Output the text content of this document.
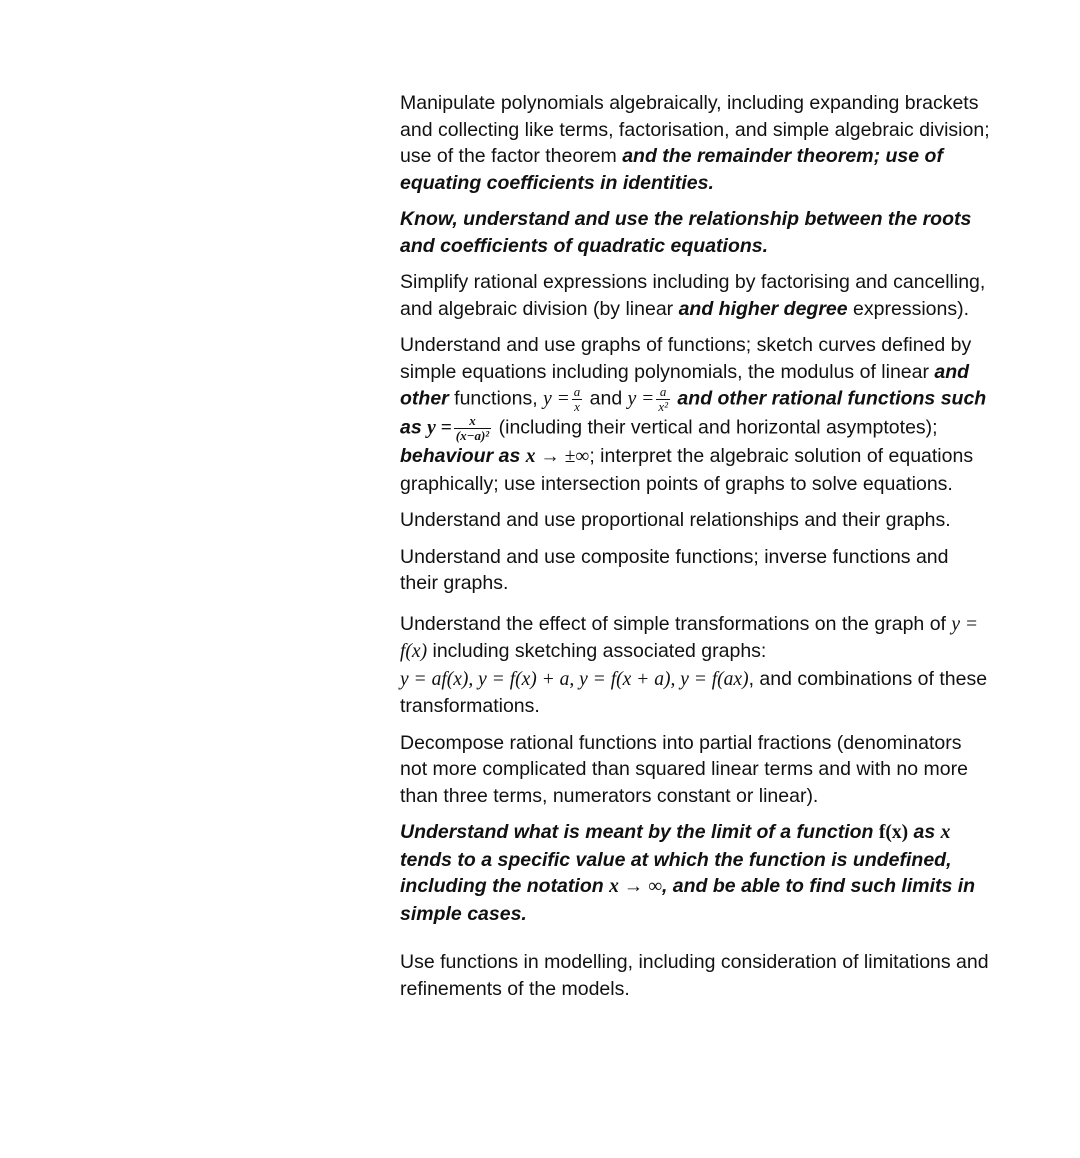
Manipulate polynomials algebraically, including expanding brackets and collecting like terms, factorisation, and simple algebraic division; use of the factor theorem and the remainder theorem; use of equating coefficients in identities.

Know, understand and use the relationship between the roots and coefficients of quadratic equations.

Simplify rational expressions including by factorising and cancelling, and algebraic division (by linear and higher degree expressions).

Understand and use graphs of functions; sketch curves defined by simple equations including polynomials, the modulus of linear and other functions, $y = \frac{a}{x}$ and $y = \frac{a}{\text{x²}}$ and other rational functions such as $y = \frac{x}{\text{(x−a)²}}$ (including their vertical and horizontal asymptotes); behaviour as x → ±∞; interpret the algebraic solution of equations graphically; use intersection points of graphs to solve equations.

Understand and use proportional relationships and their graphs.

Understand and use composite functions; inverse functions and their graphs.

Understand the effect of simple transformations on the graph of y = f(x) including sketching associated graphs:
y = af(x), y = f(x) + a, y = f(x + a), y = f(ax), and combinations of these transformations.

Decompose rational functions into partial fractions (denominators not more complicated than squared linear terms and with no more than three terms, numerators constant or linear).

Understand what is meant by the limit of a function f(x) as x tends to a specific value at which the function is undefined, including the notation x → ∞, and be able to find such limits in simple cases.

Use functions in modelling, including consideration of limitations and refinements of the models.
